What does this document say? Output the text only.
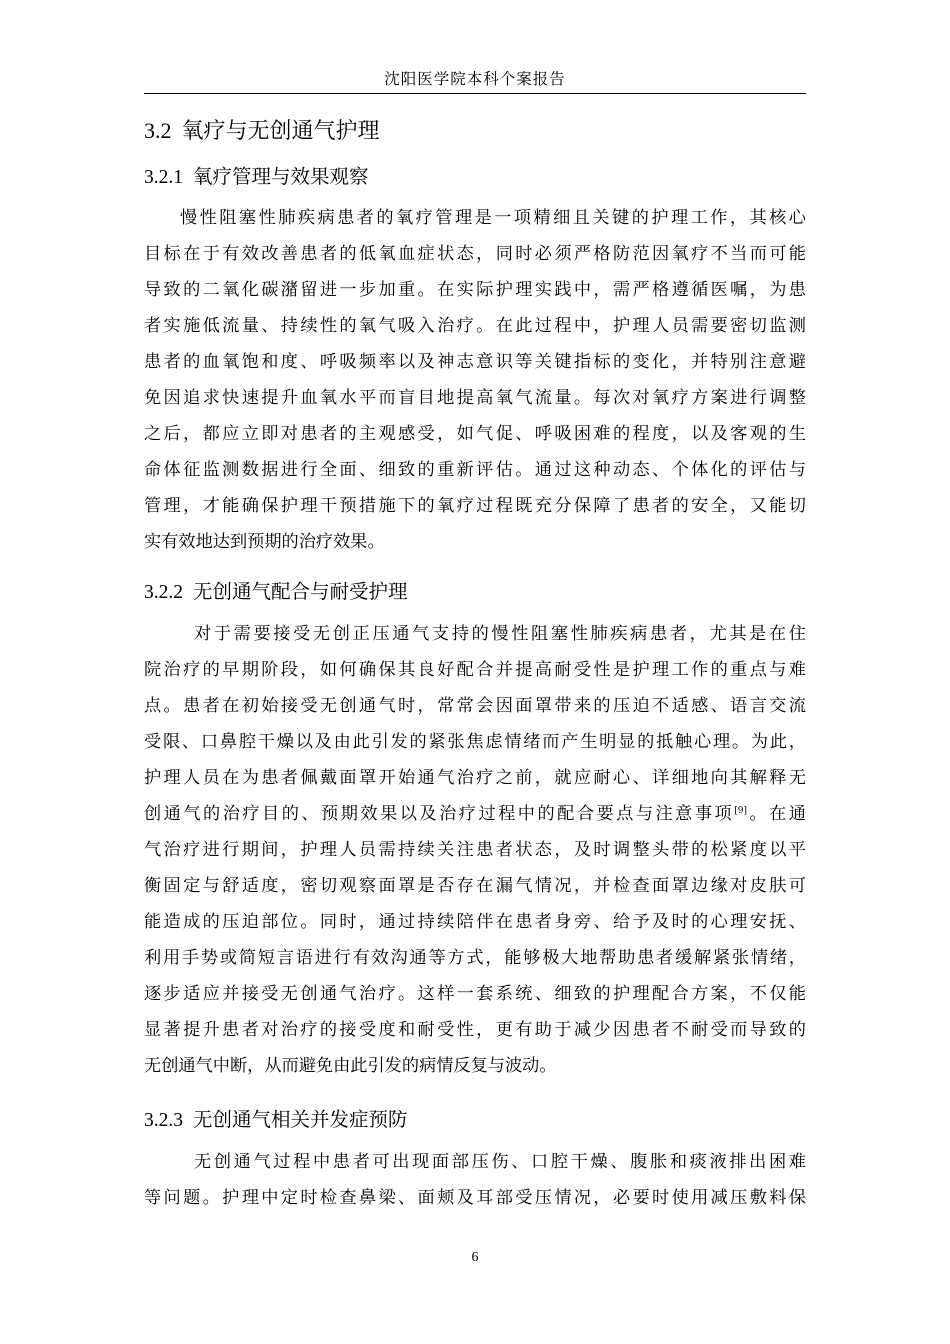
沈阳医学院本科个案报告
3.2 氧疗与无创通气护理
3.2.1 氧疗管理与效果观察
慢性阻塞性肺疾病患者的氧疗管理是一项精细且关键的护理工作，其核心
目标在于有效改善患者的低氧血症状态，同时必须严格防范因氧疗不当而可能
导致的二氧化碳潴留进一步加重。在实际护理实践中，需严格遵循医嘱，为患
者实施低流量、持续性的氧气吸入治疗。在此过程中，护理人员需要密切监测
患者的血氧饱和度、呼吸频率以及神志意识等关键指标的变化，并特别注意避
免因追求快速提升血氧水平而盲目地提高氧气流量。每次对氧疗方案进行调整
之后，都应立即对患者的主观感受，如气促、呼吸困难的程度，以及客观的生
命体征监测数据进行全面、细致的重新评估。通过这种动态、个体化的评估与
管理，才能确保护理干预措施下的氧疗过程既充分保障了患者的安全，又能切
实有效地达到预期的治疗效果。
3.2.2 无创通气配合与耐受护理
对于需要接受无创正压通气支持的慢性阻塞性肺疾病患者，尤其是在住
院治疗的早期阶段，如何确保其良好配合并提高耐受性是护理工作的重点与难
点。患者在初始接受无创通气时，常常会因面罩带来的压迫不适感、语言交流
受限、口鼻腔干燥以及由此引发的紧张焦虑情绪而产生明显的抵触心理。为此，
护理人员在为患者佩戴面罩开始通气治疗之前，就应耐心、详细地向其解释无
创通气的治疗目的、预期效果以及治疗过程中的配合要点与注意事项[9]。在通
气治疗进行期间，护理人员需持续关注患者状态，及时调整头带的松紧度以平
衡固定与舒适度，密切观察面罩是否存在漏气情况，并检查面罩边缘对皮肤可
能造成的压迫部位。同时，通过持续陪伴在患者身旁、给予及时的心理安抚、
利用手势或简短言语进行有效沟通等方式，能够极大地帮助患者缓解紧张情绪，
逐步适应并接受无创通气治疗。这样一套系统、细致的护理配合方案，不仅能
显著提升患者对治疗的接受度和耐受性，更有助于减少因患者不耐受而导致的
无创通气中断，从而避免由此引发的病情反复与波动。
3.2.3 无创通气相关并发症预防
无创通气过程中患者可出现面部压伤、口腔干燥、腹胀和痰液排出困难
等问题。护理中定时检查鼻梁、面颊及耳部受压情况，必要时使用减压敷料保
6
